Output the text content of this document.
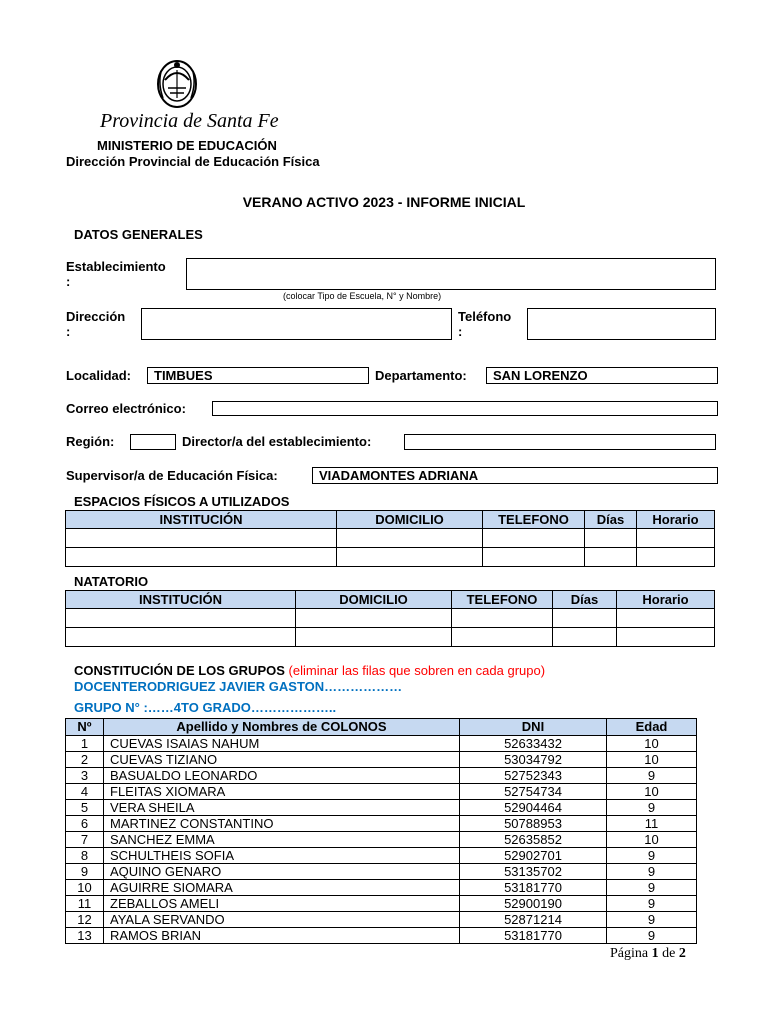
Provincia de Santa Fe
MINISTERIO DE EDUCACIÓN
Dirección Provincial de Educación Física
VERANO ACTIVO 2023 - INFORME INICIAL
DATOS GENERALES
Establecimiento
:
(colocar Tipo de Escuela, N° y Nombre)
Dirección
:
Teléfono
:
Localidad:	TIMBUES	Departamento:	SAN LORENZO
Correo electrónico:
Región:	Director/a del establecimiento:
Supervisor/a de Educación Física:	VIADAMONTES ADRIANA
ESPACIOS FÍSICOS A UTILIZADOS
INSTITUCIÓN	DOMICILIO	TELEFONO	Días	Horario

NATATORIO
INSTITUCIÓN	DOMICILIO	TELEFONO	Días	Horario

CONSTITUCIÓN DE LOS GRUPOS (eliminar las filas que sobren en cada grupo)
DOCENTERODRIGUEZ JAVIER GASTON………………
GRUPO N° :……4TO GRADO………………..
Nº	Apellido y Nombres de COLONOS	DNI	Edad
1	CUEVAS ISAIAS NAHUM	52633432	10
2	CUEVAS TIZIANO	53034792	10
3	BASUALDO LEONARDO	52752343	9
4	FLEITAS XIOMARA	52754734	10
5	VERA SHEILA	52904464	9
6	MARTINEZ CONSTANTINO	50788953	11
7	SANCHEZ EMMA	52635852	10
8	SCHULTHEIS SOFIA	52902701	9
9	AQUINO GENARO	53135702	9
10	AGUIRRE SIOMARA	53181770	9
11	ZEBALLOS AMELI	52900190	9
12	AYALA SERVANDO	52871214	9
13	RAMOS BRIAN	53181770	9
Página 1 de 2
